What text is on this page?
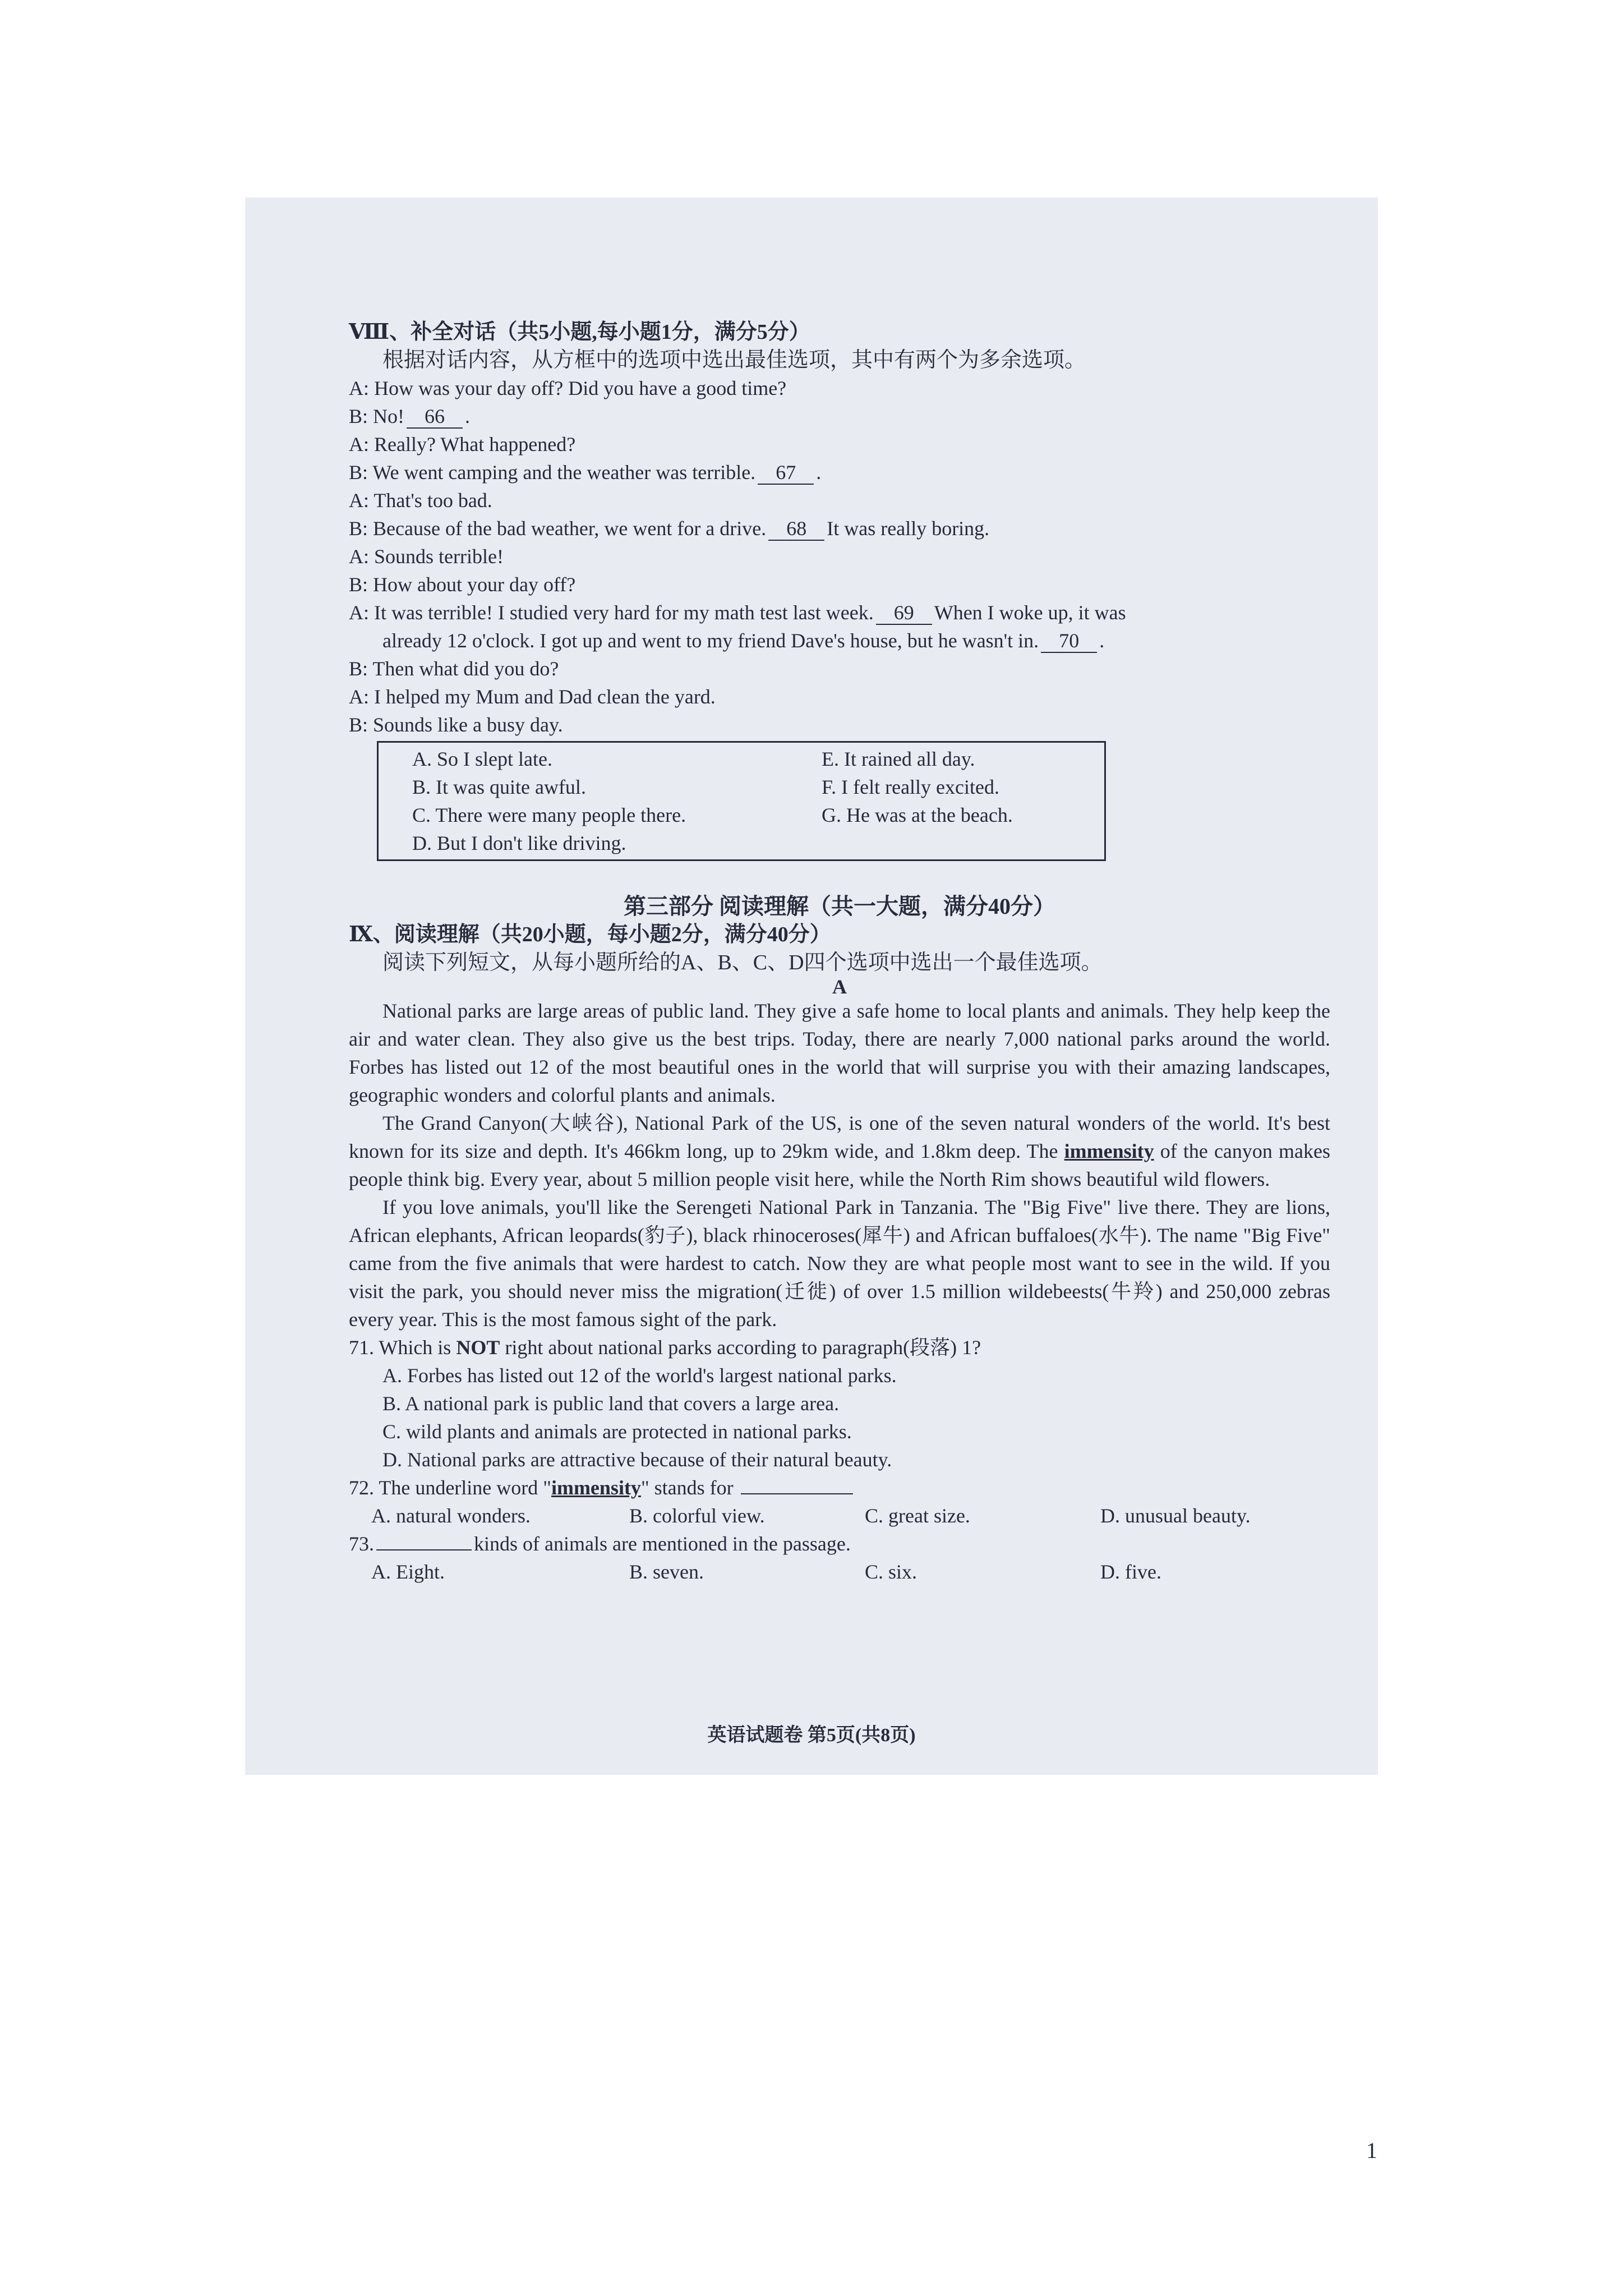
Ⅷ、补全对话（共5小题,每小题1分，满分5分）
根据对话内容，从方框中的选项中选出最佳选项，其中有两个为多余选项。
A: How was your day off? Did you have a good time?
B: No! 66 .
A: Really? What happened?
B: We went camping and the weather was terrible. 67 .
A: That's too bad.
B: Because of the bad weather, we went for a drive. 68 It was really boring.
A: Sounds terrible!
B: How about your day off?
A: It was terrible! I studied very hard for my math test last week. 69 When I woke up, it was
already 12 o'clock. I got up and went to my friend Dave's house, but he wasn't in. 70 .
B: Then what did you do?
A: I helped my Mum and Dad clean the yard.
B: Sounds like a busy day.
A. So I slept late.	E. It rained all day.
B. It was quite awful.	F. I felt really excited.
C. There were many people there.	G. He was at the beach.
D. But I don't like driving.
第三部分 阅读理解（共一大题，满分40分）
Ⅸ、阅读理解（共20小题，每小题2分，满分40分）
阅读下列短文，从每小题所给的A、B、C、D四个选项中选出一个最佳选项。
A
National parks are large areas of public land. They give a safe home to local plants and animals. They help keep the air and water clean. They also give us the best trips. Today, there are nearly 7,000 national parks around the world. Forbes has listed out 12 of the most beautiful ones in the world that will surprise you with their amazing landscapes, geographic wonders and colorful plants and animals.
The Grand Canyon(大峡谷), National Park of the US, is one of the seven natural wonders of the world. It's best known for its size and depth. It's 466km long, up to 29km wide, and 1.8km deep. The immensity of the canyon makes people think big. Every year, about 5 million people visit here, while the North Rim shows beautiful wild flowers.
If you love animals, you'll like the Serengeti National Park in Tanzania. The "Big Five" live there. They are lions, African elephants, African leopards(豹子), black rhinoceroses(犀牛) and African buffaloes(水牛). The name "Big Five" came from the five animals that were hardest to catch. Now they are what people most want to see in the wild. If you visit the park, you should never miss the migration(迁徙) of over 1.5 million wildebeests(牛羚) and 250,000 zebras every year. This is the most famous sight of the park.
71. Which is NOT right about national parks according to paragraph(段落) 1?
A. Forbes has listed out 12 of the world's largest national parks.
B. A national park is public land that covers a large area.
C. wild plants and animals are protected in national parks.
D. National parks are attractive because of their natural beauty.
72. The underline word "immensity" stands for
A. natural wonders.	B. colorful view.	C. great size.	D. unusual beauty.
73.	kinds of animals are mentioned in the passage.
A. Eight.	B. seven.	C. six.	D. five.
英语试题卷 第5页(共8页)
1
